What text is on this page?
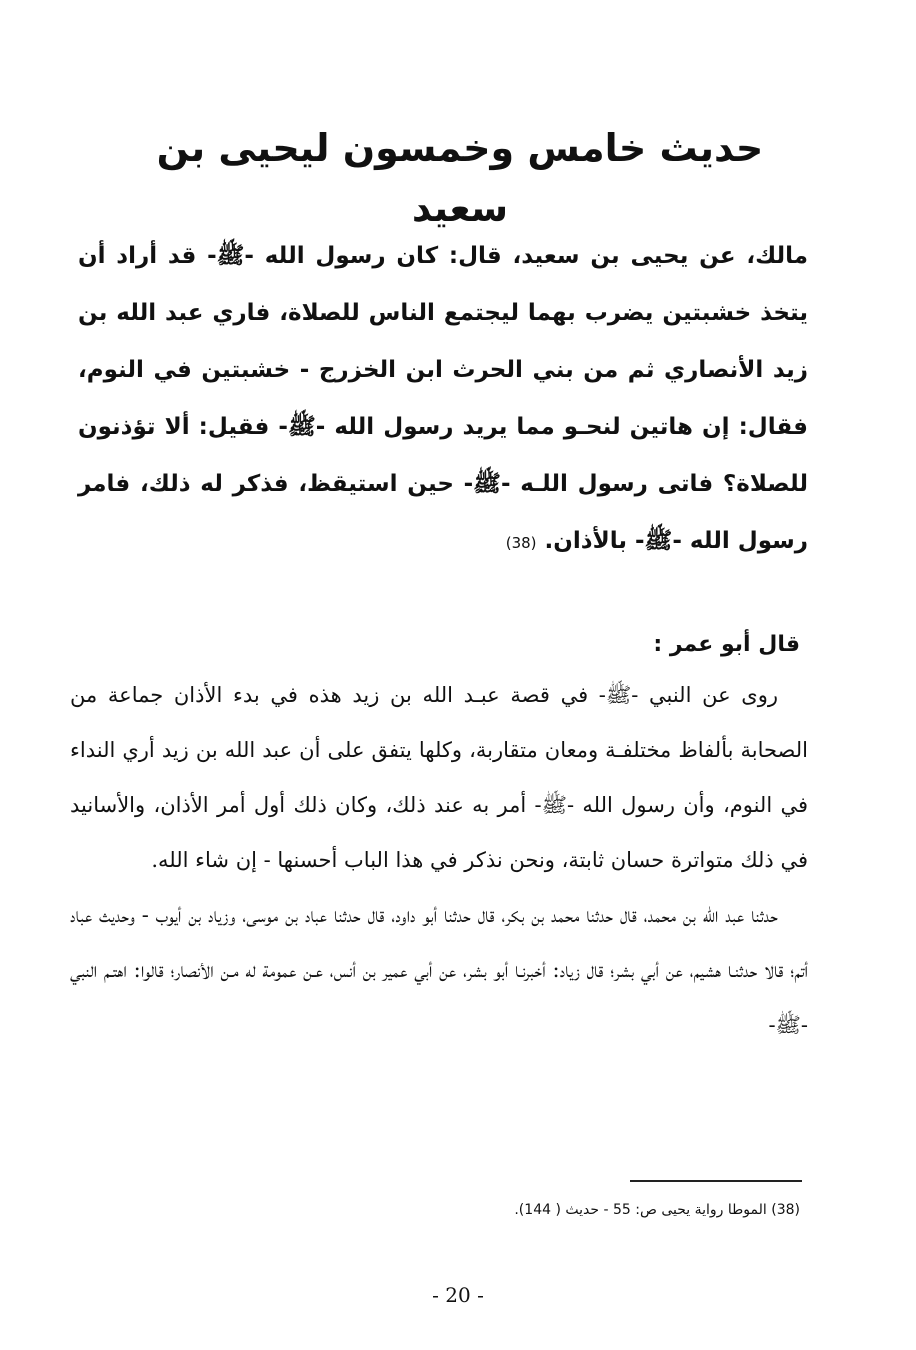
حديث خامس وخمسون ليحيى بن سعيد

مالك، عن يحيى بن سعيد، قال: كان رسول الله -ﷺ- قد أراد أن يتخذ خشبتين يضرب بهما ليجتمع الناس للصلاة، فاري عبد الله بن زيد الأنصاري ثم من بني الحرث ابن الخزرج - خشبتين في النوم، فقال: إن هاتين لنحـو مما يريد رسول الله -ﷺ- فقيل: ألا تؤذنون للصلاة؟ فاتى رسول اللـه -ﷺ- حين استيقظ، فذكر له ذلك، فامر رسول الله -ﷺ- بالأذان. (38)

قال أبو عمر :

روى عن النبي -ﷺ- في قصة عبـد الله بن زيد هذه في بدء الأذان جماعة من الصحابة بألفاظ مختلفـة ومعان متقاربة، وكلها يتفق على أن عبد الله بن زيد أري النداء في النوم، وأن رسول الله -ﷺ- أمر به عند ذلك، وكان ذلك أول أمر الأذان، والأسانيد في ذلك متواترة حسان ثابتة، ونحن نذكر في هذا الباب أحسنها - إن شاء الله.

حدثنا عبد الله بن محمد، قال حدثنا محمد بن بكر، قال حدثنا أبو داود، قال حدثنا عباد بن موسى، وزياد بن أيوب - وحديث عباد أتم؛ قالا حدثنـا هشيم، عن أبي بشر؛ قال زياد: أخبرنـا أبو بشر، عن أبي عمير بن أنس، عـن عمومة له مـن الأنصار؛ قالوا: اهتـم النبي -ﷺ-

(38) الموطا رواية يحيى ص: 55 - حديث ( 144).

- 20 -
